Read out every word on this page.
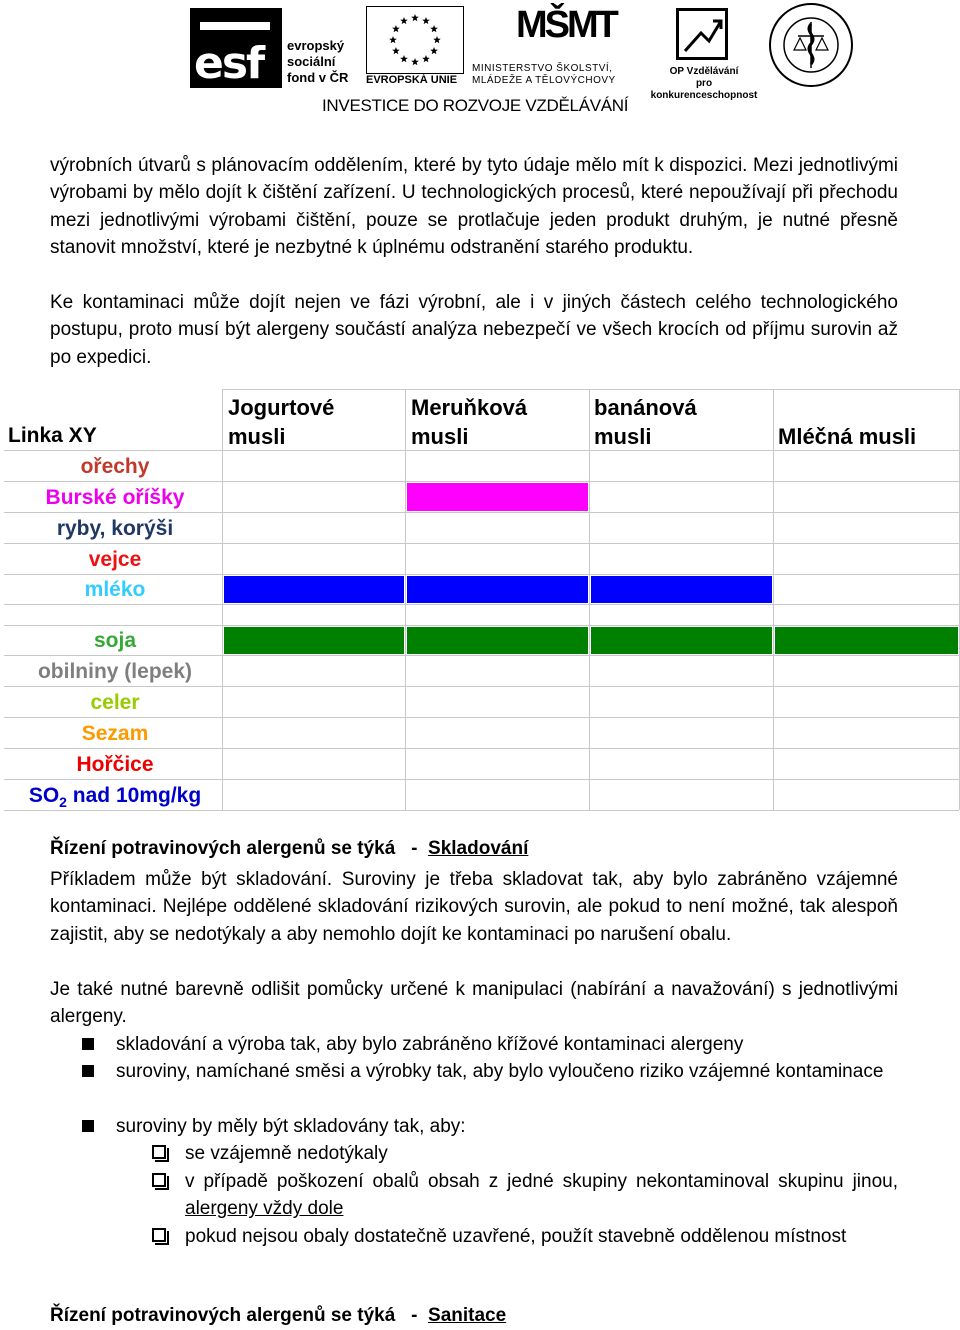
esf evropský
sociální
fond v ČR EVROPSKÁ UNIE
MŠMT
MINISTERSTVO ŠKOLSTVÍ,
MLÁDEŽE A TĚLOVÝCHOVY
OP Vzdělávání
pro konkurenceschopnost
INVESTICE DO ROZVOJE VZDĚLÁVÁNÍ
výrobních útvarů s plánovacím oddělením, které by tyto údaje mělo mít k dispozici. Mezi jednotlivými výrobami by mělo dojít k čištění zařízení. U technologických procesů, které nepoužívají při přechodu mezi jednotlivými výrobami čištění, pouze se protlačuje jeden produkt druhým, je nutné přesně stanovit množství, které je nezbytné k úplnému odstranění starého produktu.
Ke kontaminaci může dojít nejen ve fázi výrobní, ale i v jiných částech celého technologického postupu, proto musí být alergeny součástí analýza nebezpečí ve všech krocích od příjmu surovin až po expedici.
Linka XY
Jogurtové
musli
Meruňková
musli
banánová
musli	Mléčná musli
ořechy
Burské oříšky
ryby, korýši
vejce
mléko
soja
obilniny (lepek)
celer
Sezam
Hořčice
$SO_2$ nad 10mg/kg
Řízení potravinových alergenů se týká - Skladování
Příkladem může být skladování. Suroviny je třeba skladovat tak, aby bylo zabráněno vzájemné kontaminaci. Nejlépe oddělené skladování rizikových surovin, ale pokud to není možné, tak alespoň zajistit, aby se nedotýkaly a aby nemohlo dojít ke kontaminaci po narušení obalu.
Je také nutné barevně odlišit pomůcky určené k manipulaci (nabírání a navažování) s jednotlivými alergeny.
skladování a výroba tak, aby bylo zabráněno křížové kontaminaci alergeny
suroviny, namíchané směsi a výrobky tak, aby bylo vyloučeno riziko vzájemné kontaminace
suroviny by měly být skladovány tak, aby:
se vzájemně nedotýkaly
v případě poškození obalů obsah z jedné skupiny nekontaminoval skupinu jinou, alergeny vždy dole
pokud nejsou obaly dostatečně uzavřené, použít stavebně oddělenou místnost
Řízení potravinových alergenů se týká - Sanitace
